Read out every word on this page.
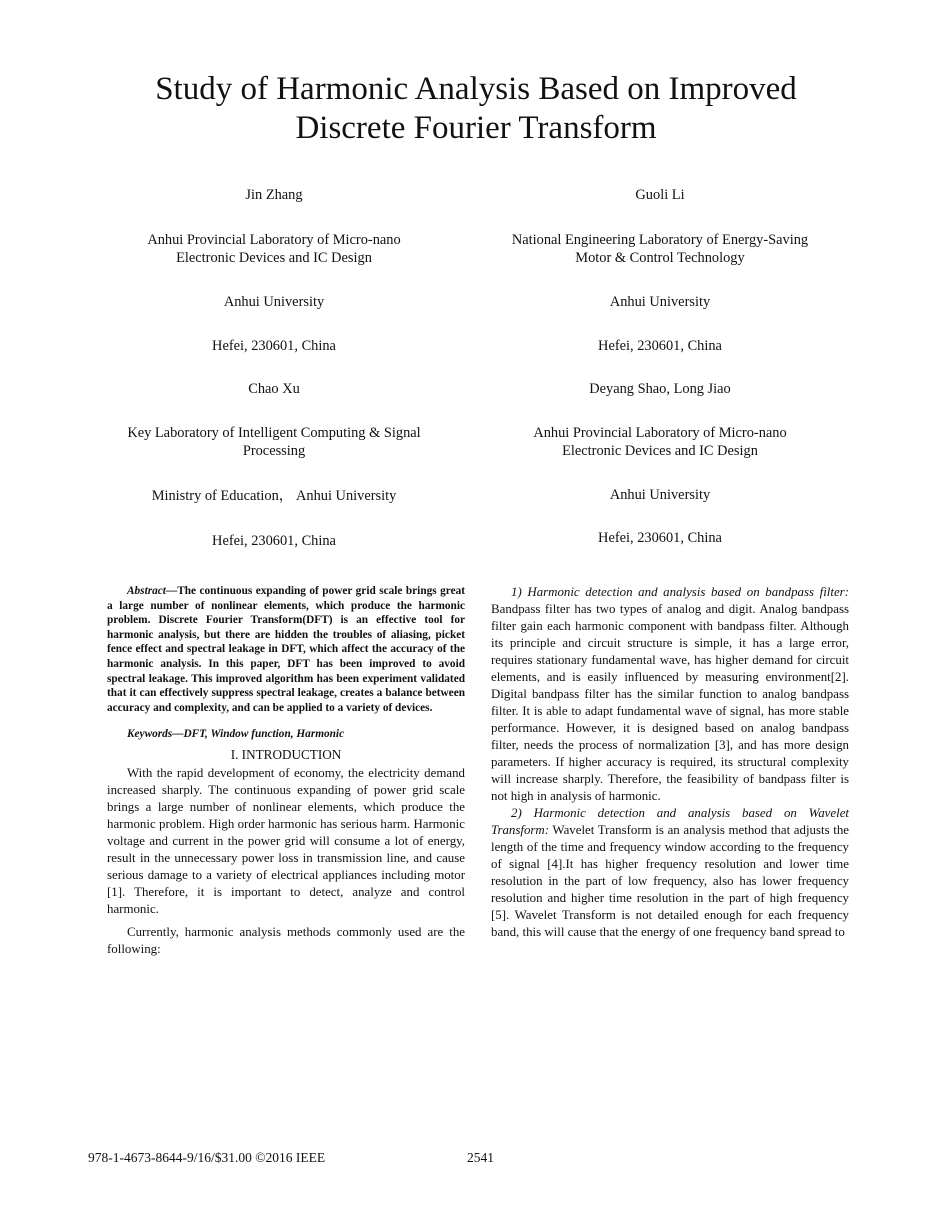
Study of Harmonic Analysis Based on Improved
Discrete Fourier Transform
Jin Zhang
Anhui Provincial Laboratory of Micro-nano
Electronic Devices and IC Design
Anhui University
Hefei, 230601, China
Chao Xu
Key Laboratory of Intelligent Computing & Signal
Processing
Ministry of Education， Anhui University
Hefei, 230601, China
Guoli Li
National Engineering Laboratory of Energy-Saving
Motor & Control Technology
Anhui University
Hefei, 230601, China
Deyang Shao, Long Jiao
Anhui Provincial Laboratory of Micro-nano
Electronic Devices and IC Design
Anhui University
Hefei, 230601, China

Abstract—The continuous expanding of power grid scale brings great a large number of nonlinear elements, which produce the harmonic problem. Discrete Fourier Transform(DFT) is an effective tool for harmonic analysis, but there are hidden the troubles of aliasing, picket fence effect and spectral leakage in DFT, which affect the accuracy of the harmonic analysis. In this paper, DFT has been improved to avoid spectral leakage. This improved algorithm has been experiment validated that it can effectively suppress spectral leakage, creates a balance between accuracy and complexity, and can be applied to a variety of devices.

Keywords—DFT, Window function, Harmonic

I. INTRODUCTION

With the rapid development of economy, the electricity demand increased sharply. The continuous expanding of power grid scale brings a large number of nonlinear elements, which produce the harmonic problem. High order harmonic has serious harm. Harmonic voltage and current in the power grid will consume a lot of energy, result in the unnecessary power loss in transmission line, and cause serious damage to a variety of electrical appliances including motor [1]. Therefore, it is important to detect, analyze and control harmonic.

Currently, harmonic analysis methods commonly used are the following:

1) Harmonic detection and analysis based on bandpass filter: Bandpass filter has two types of analog and digit. Analog bandpass filter gain each harmonic component with bandpass filter. Although its principle and circuit structure is simple, it has a large error, requires stationary fundamental wave, has higher demand for circuit elements, and is easily influenced by measuring environment[2]. Digital bandpass filter has the similar function to analog bandpass filter. It is able to adapt fundamental wave of signal, has more stable performance. However, it is designed based on analog bandpass filter, needs the process of normalization [3], and has more design parameters. If higher accuracy is required, its structural complexity will increase sharply. Therefore, the feasibility of bandpass filter is not high in analysis of harmonic.

2) Harmonic detection and analysis based on Wavelet Transform: Wavelet Transform is an analysis method that adjusts the length of the time and frequency window according to the frequency of signal [4].It has higher frequency resolution and lower time resolution in the part of low frequency, also has lower frequency resolution and higher time resolution in the part of high frequency [5]. Wavelet Transform is not detailed enough for each frequency band, this will cause that the energy of one frequency band spread to

978-1-4673-8644-9/16/$31.00 ©2016 IEEE	2541
